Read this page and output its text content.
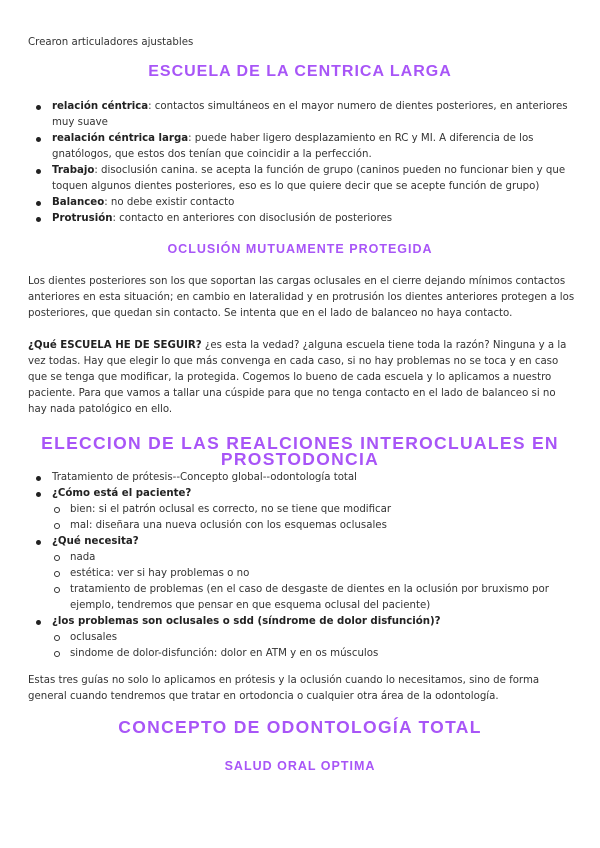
Crearon articuladores ajustables
ESCUELA DE LA CENTRICA LARGA
relación céntrica: contactos simultáneos en el mayor numero de dientes posteriores, en anteriores muy suave
realación céntrica larga: puede haber ligero desplazamiento en RC y MI. A diferencia de los gnatólogos, que estos dos tenían que coincidir a la perfección.
Trabajo: disoclusión canina. se acepta la función de grupo (caninos pueden no funcionar bien y que toquen algunos dientes posteriores, eso es lo que quiere decir que se acepte función de grupo)
Balanceo: no debe existir contacto
Protrusión: contacto en anteriores con disoclusión de posteriores
OCLUSIÓN MUTUAMENTE PROTEGIDA

Los dientes posteriores son los que soportan las cargas oclusales en el cierre dejando mínimos contactos anteriores en esta situación; en cambio en lateralidad y en protrusión los dientes anteriores protegen a los posteriores, que quedan sin contacto. Se intenta que en el lado de balanceo no haya contacto.

¿Qué ESCUELA HE DE SEGUIR? ¿es esta la vedad? ¿alguna escuela tiene toda la razón? Ninguna y a la vez todas. Hay que elegir lo que más convenga en cada caso, si no hay problemas no se toca y en caso que se tenga que modificar, la protegida. Cogemos lo bueno de cada escuela y lo aplicamos a nuestro paciente. Para que vamos a tallar una cúspide para que no tenga contacto en el lado de balanceo si no hay nada patológico en ello.

ELECCION DE LAS REALCIONES INTEROCLUALES EN PROSTODONCIA
Tratamiento de prótesis--Concepto global--odontología total
¿Cómo está el paciente?
bien: si el patrón oclusal es correcto, no se tiene que modificar
mal: diseñara una nueva oclusión con los esquemas oclusales
¿Qué necesita?
nada
estética: ver si hay problemas o no
tratamiento de problemas (en el caso de desgaste de dientes en la oclusión por bruxismo por ejemplo, tendremos que pensar en que esquema oclusal del paciente)
¿los problemas son oclusales o sdd (síndrome de dolor disfunción)?
oclusales
sindome de dolor-disfunción: dolor en ATM y en os músculos

Estas tres guías no solo lo aplicamos en prótesis y la oclusión cuando lo necesitamos, sino de forma general cuando tendremos que tratar en ortodoncia o cualquier otra área de la odontología.

CONCEPTO DE ODONTOLOGÍA TOTAL
SALUD ORAL OPTIMA
